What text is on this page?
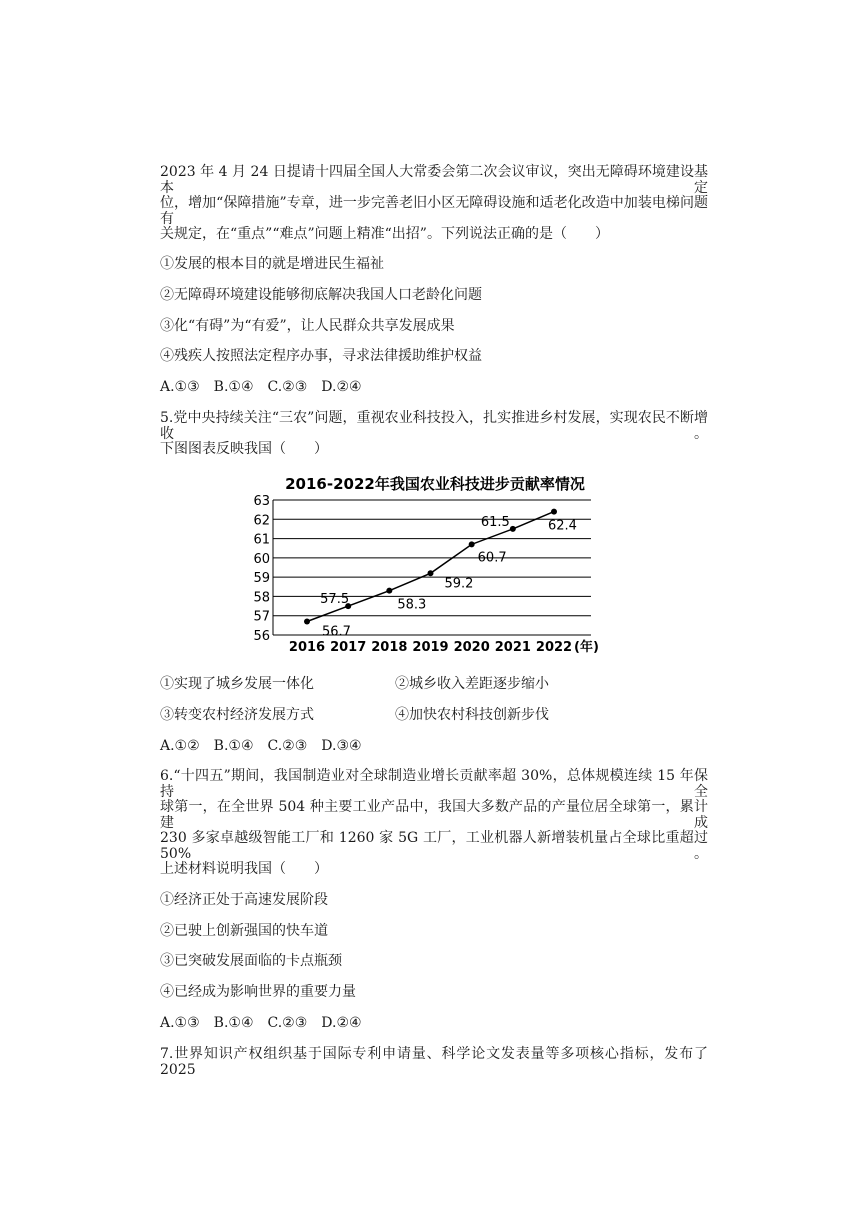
2023 年 4 月 24 日提请十四届全国人大常委会第二次会议审议，突出无障碍环境建设基本定
位，增加“保障措施”专章，进一步完善老旧小区无障碍设施和适老化改造中加装电梯问题有
关规定，在“重点”“难点”问题上精准“出招”。下列说法正确的是（　　）
①发展的根本目的就是增进民生福祉
②无障碍环境建设能够彻底解决我国人口老龄化问题
③化“有碍”为“有爱”，让人民群众共享发展成果
④残疾人按照法定程序办事，寻求法律援助维护权益
A.①③　B.①④　C.②③　D.②④
5.党中央持续关注“三农”问题，重视农业科技投入，扎实推进乡村发展，实现农民不断增收。
下图图表反映我国（　　）
2016-2022年我国农业科技进步贡献率情况
56
57
58
59
60
61
62
63
2016 2017 2018 2019 2020 2021 2022 (年)
56.7
57.5	58.3
59.2
60.7
61.5	62.4
①实现了城乡发展一体化	②城乡收入差距逐步缩小
③转变农村经济发展方式	④加快农村科技创新步伐
A.①②　B.①④　C.②③　D.③④
6.“十四五”期间，我国制造业对全球制造业增长贡献率超 30%，总体规模连续 15 年保持全
球第一，在全世界 504 种主要工业产品中，我国大多数产品的产量位居全球第一，累计建成
230 多家卓越级智能工厂和 1260 家 5G 工厂，工业机器人新增装机量占全球比重超过 50%。
上述材料说明我国（　　）
①经济正处于高速发展阶段
②已驶上创新强国的快车道
③已突破发展面临的卡点瓶颈
④已经成为影响世界的重要力量
A.①③　B.①④　C.②③　D.②④
7.世界知识产权组织基于国际专利申请量、科学论文发表量等多项核心指标，发布了 2025
